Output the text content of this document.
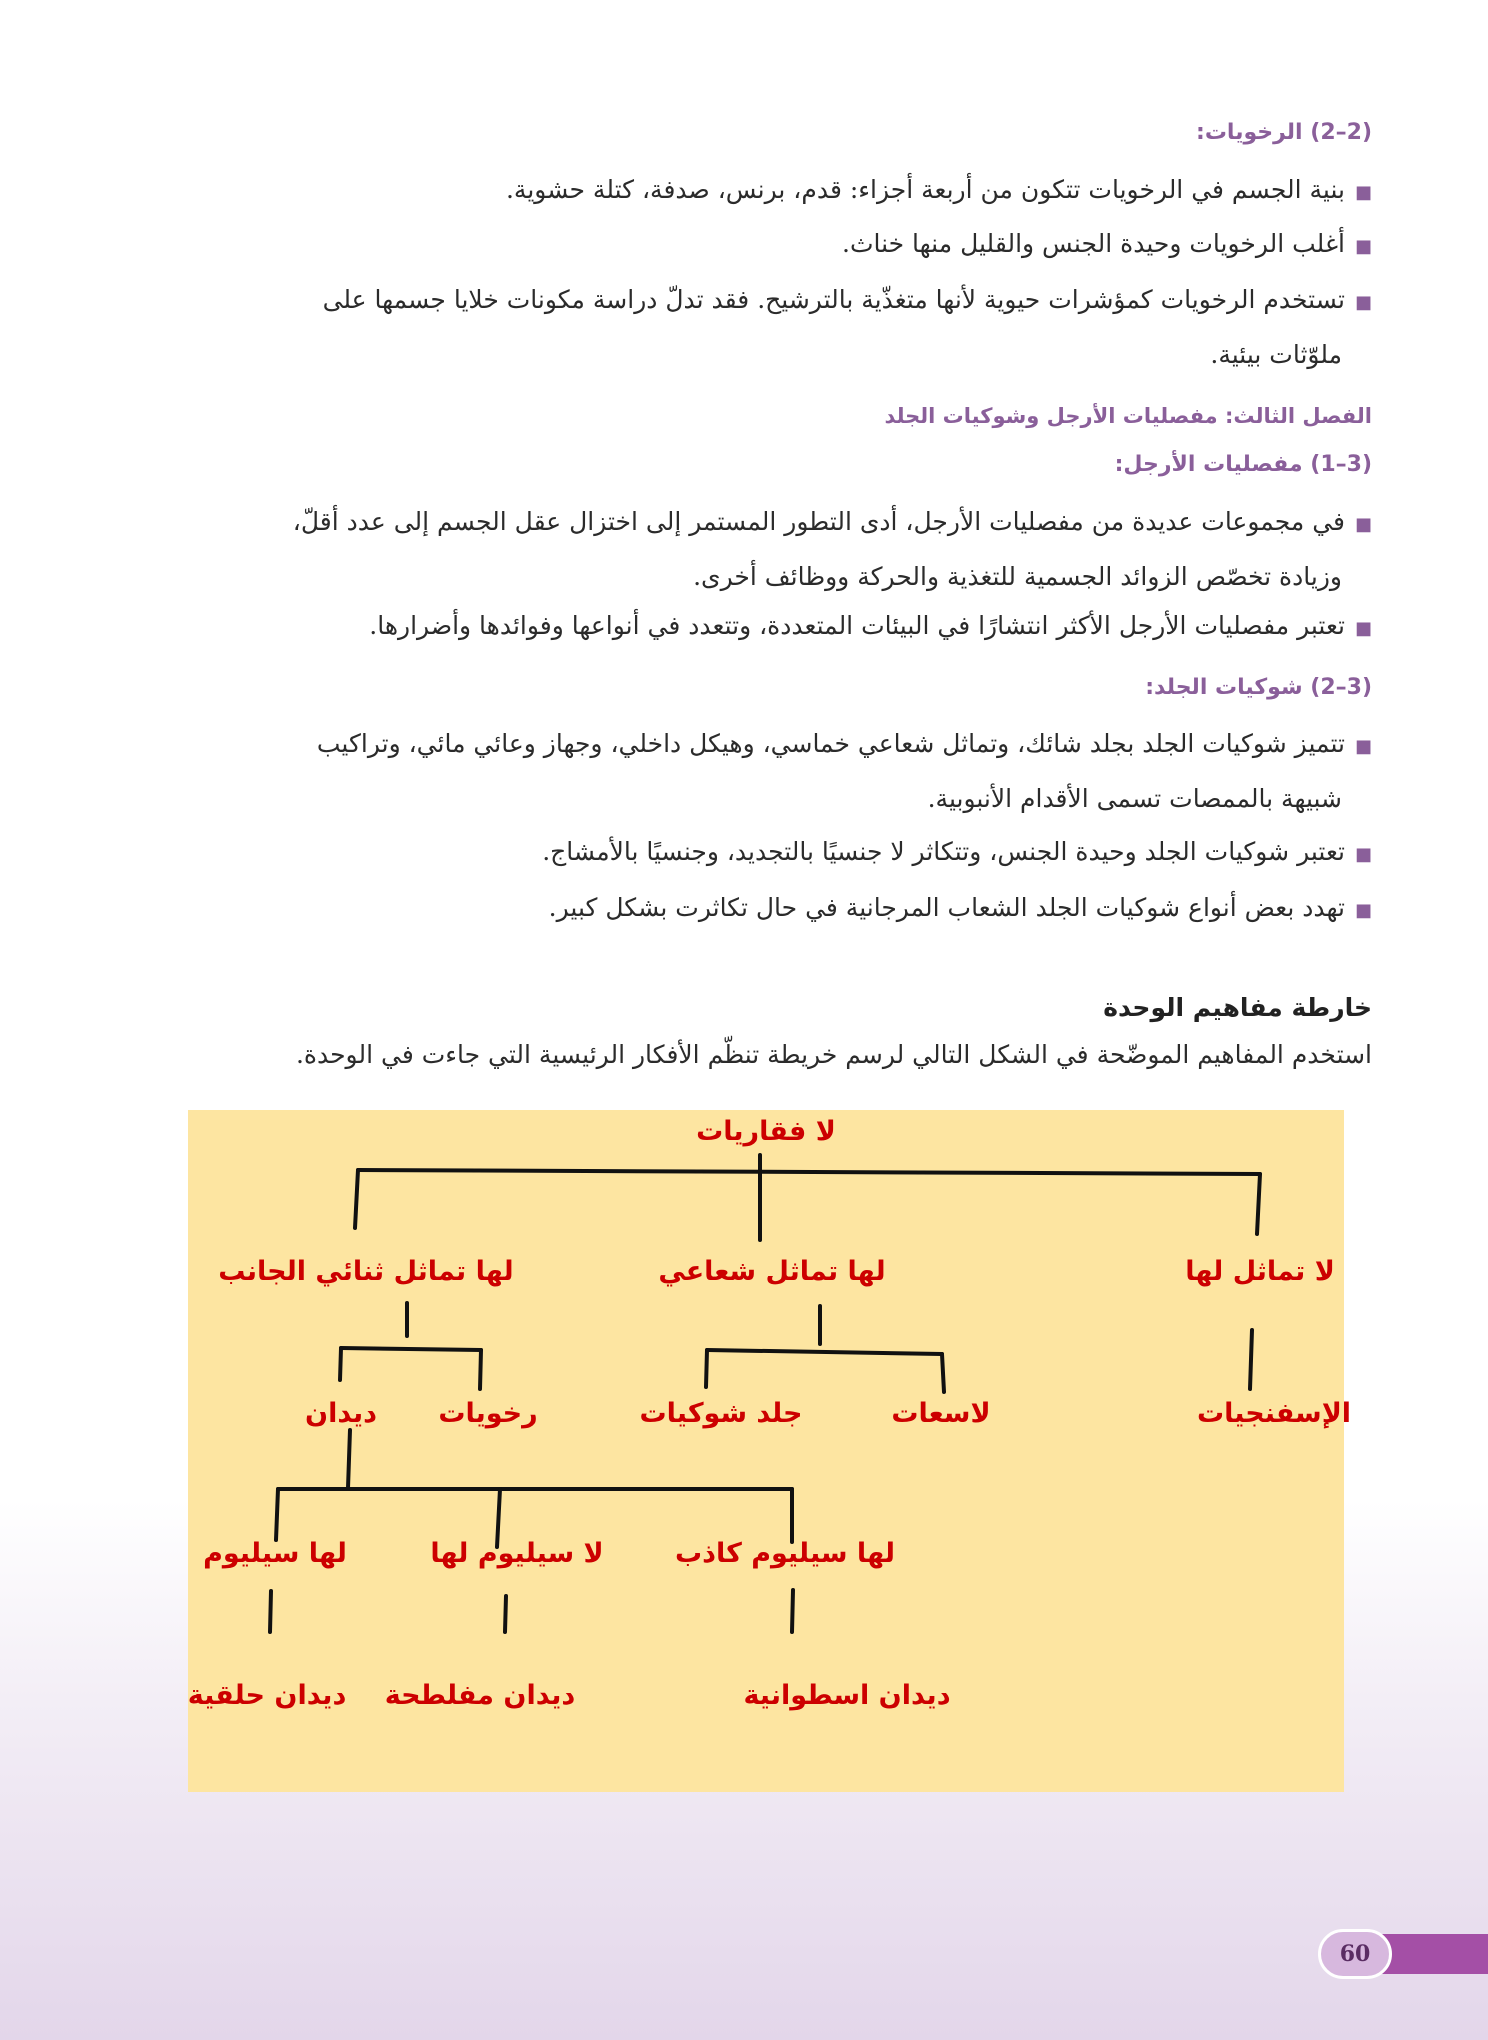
(2–2) الرخويات:
■بنية الجسم في الرخويات تتكون من أربعة أجزاء: قدم، برنس، صدفة، كتلة حشوية.
■أغلب الرخويات وحيدة الجنس والقليل منها خناث.
■تستخدم الرخويات كمؤشرات حيوية لأنها متغذّية بالترشيح. فقد تدلّ دراسة مكونات خلايا جسمها على
ملوّثات بيئية.
الفصل الثالث: مفصليات الأرجل وشوكيات الجلد
(3–1) مفصليات الأرجل:
■في مجموعات عديدة من مفصليات الأرجل، أدى التطور المستمر إلى اختزال عقل الجسم إلى عدد أقلّ،
وزيادة تخصّص الزوائد الجسمية للتغذية والحركة ووظائف أخرى.
■تعتبر مفصليات الأرجل الأكثر انتشارًا في البيئات المتعددة، وتتعدد في أنواعها وفوائدها وأضرارها.
(3–2) شوكيات الجلد:
■تتميز شوكيات الجلد بجلد شائك، وتماثل شعاعي خماسي، وهيكل داخلي، وجهاز وعائي مائي، وتراكيب
شبيهة بالممصات تسمى الأقدام الأنبوبية.
■تعتبر شوكيات الجلد وحيدة الجنس، وتتكاثر لا جنسيًا بالتجديد، وجنسيًا بالأمشاج.
■تهدد بعض أنواع شوكيات الجلد الشعاب المرجانية في حال تكاثرت بشكل كبير.
خارطة مفاهيم الوحدة
استخدم المفاهيم الموضّحة في الشكل التالي لرسم خريطة تنظّم الأفكار الرئيسية التي جاءت في الوحدة.
لا فقاريات
لا تماثل لها
لها تماثل شعاعي
لها تماثل ثنائي الجانب
الإسفنجيات
لاسعات
جلد شوكيات
رخويات
ديدان
لها سيليوم كاذب
لا سيليوم لها
لها سيليوم
ديدان اسطوانية
ديدان مفلطحة
ديدان حلقية
60
